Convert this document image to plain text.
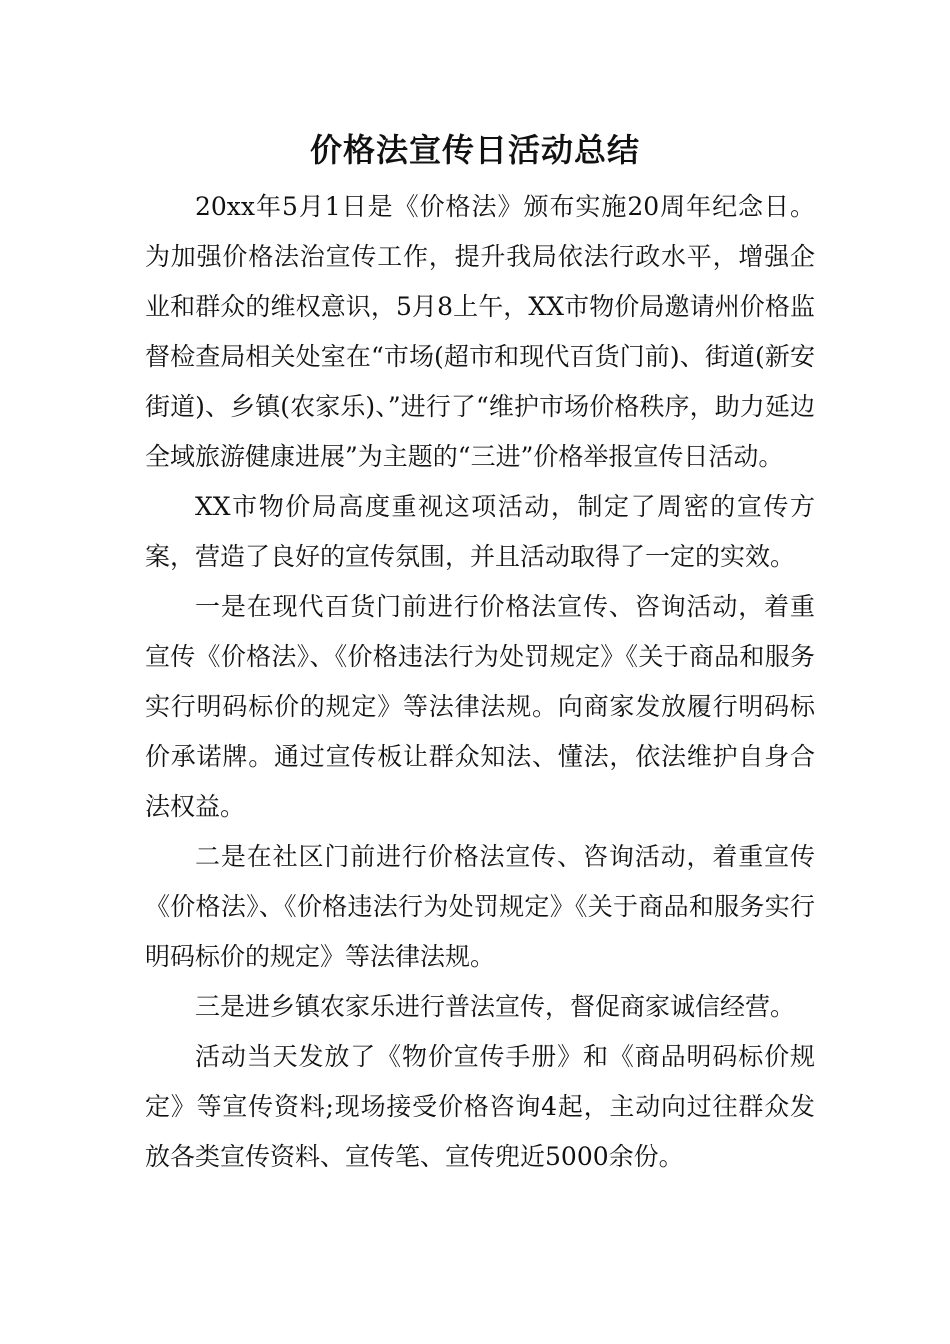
价格法宣传日活动总结

20xx年5月1日是《价格法》颁布实施20周年纪念日。为加强价格法治宣传工作，提升我局依法行政水平，增强企业和群众的维权意识，5月8上午，XX市物价局邀请州价格监督检查局相关处室在“市场(超市和现代百货门前)、街道(新安街道)、乡镇(农家乐)、”进行了“维护市场价格秩序，助力延边全域旅游健康进展”为主题的“三进”价格举报宣传日活动。

XX市物价局高度重视这项活动，制定了周密的宣传方案，营造了良好的宣传氛围，并且活动取得了一定的实效。

一是在现代百货门前进行价格法宣传、咨询活动，着重宣传《价格法》、《价格违法行为处罚规定》《关于商品和服务实行明码标价的规定》等法律法规。向商家发放履行明码标价承诺牌。通过宣传板让群众知法、懂法，依法维护自身合法权益。

二是在社区门前进行价格法宣传、咨询活动，着重宣传《价格法》、《价格违法行为处罚规定》《关于商品和服务实行明码标价的规定》等法律法规。

三是进乡镇农家乐进行普法宣传，督促商家诚信经营。

活动当天发放了《物价宣传手册》和《商品明码标价规定》等宣传资料;现场接受价格咨询4起，主动向过往群众发放各类宣传资料、宣传笔、宣传兜近5000余份。
